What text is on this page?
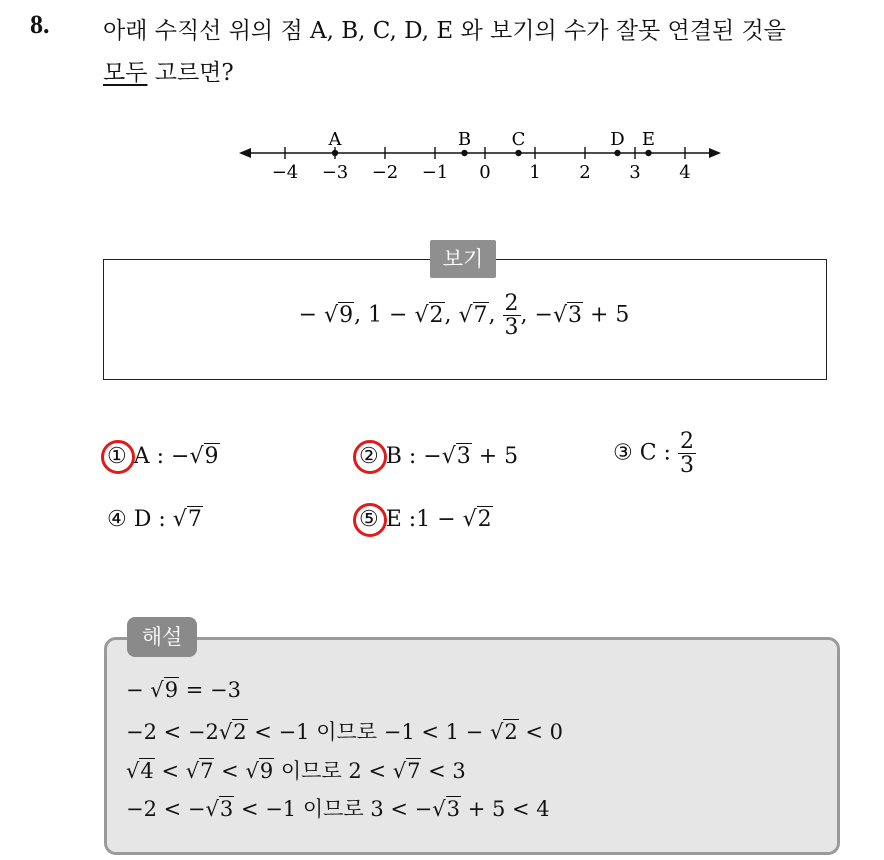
8. 아래 수직선 위의 점 A, B, C, D, E 와 보기의 수가 잘못 연결된 것을
모두 고르면?
−4 −3 −2 −1 0 1 2 3 4
A	B C	D E
보기
− √9, 1 − √2, √7, $\frac{2}{3}$ , −√3 + 5
① A : −√9	② B : −√3 + 5	③ C : $\frac{2}{3}$
④ D : √7	⑤ E :1 − √2
해설
− √9 = −3
−2 < −2√2 < −1 이므로 −1 < 1 − √2 < 0
√4 < √7 < √9 이므로 2 < √7 < 3
−2 < −√3 < −1 이므로 3 < −√3 + 5 < 4
